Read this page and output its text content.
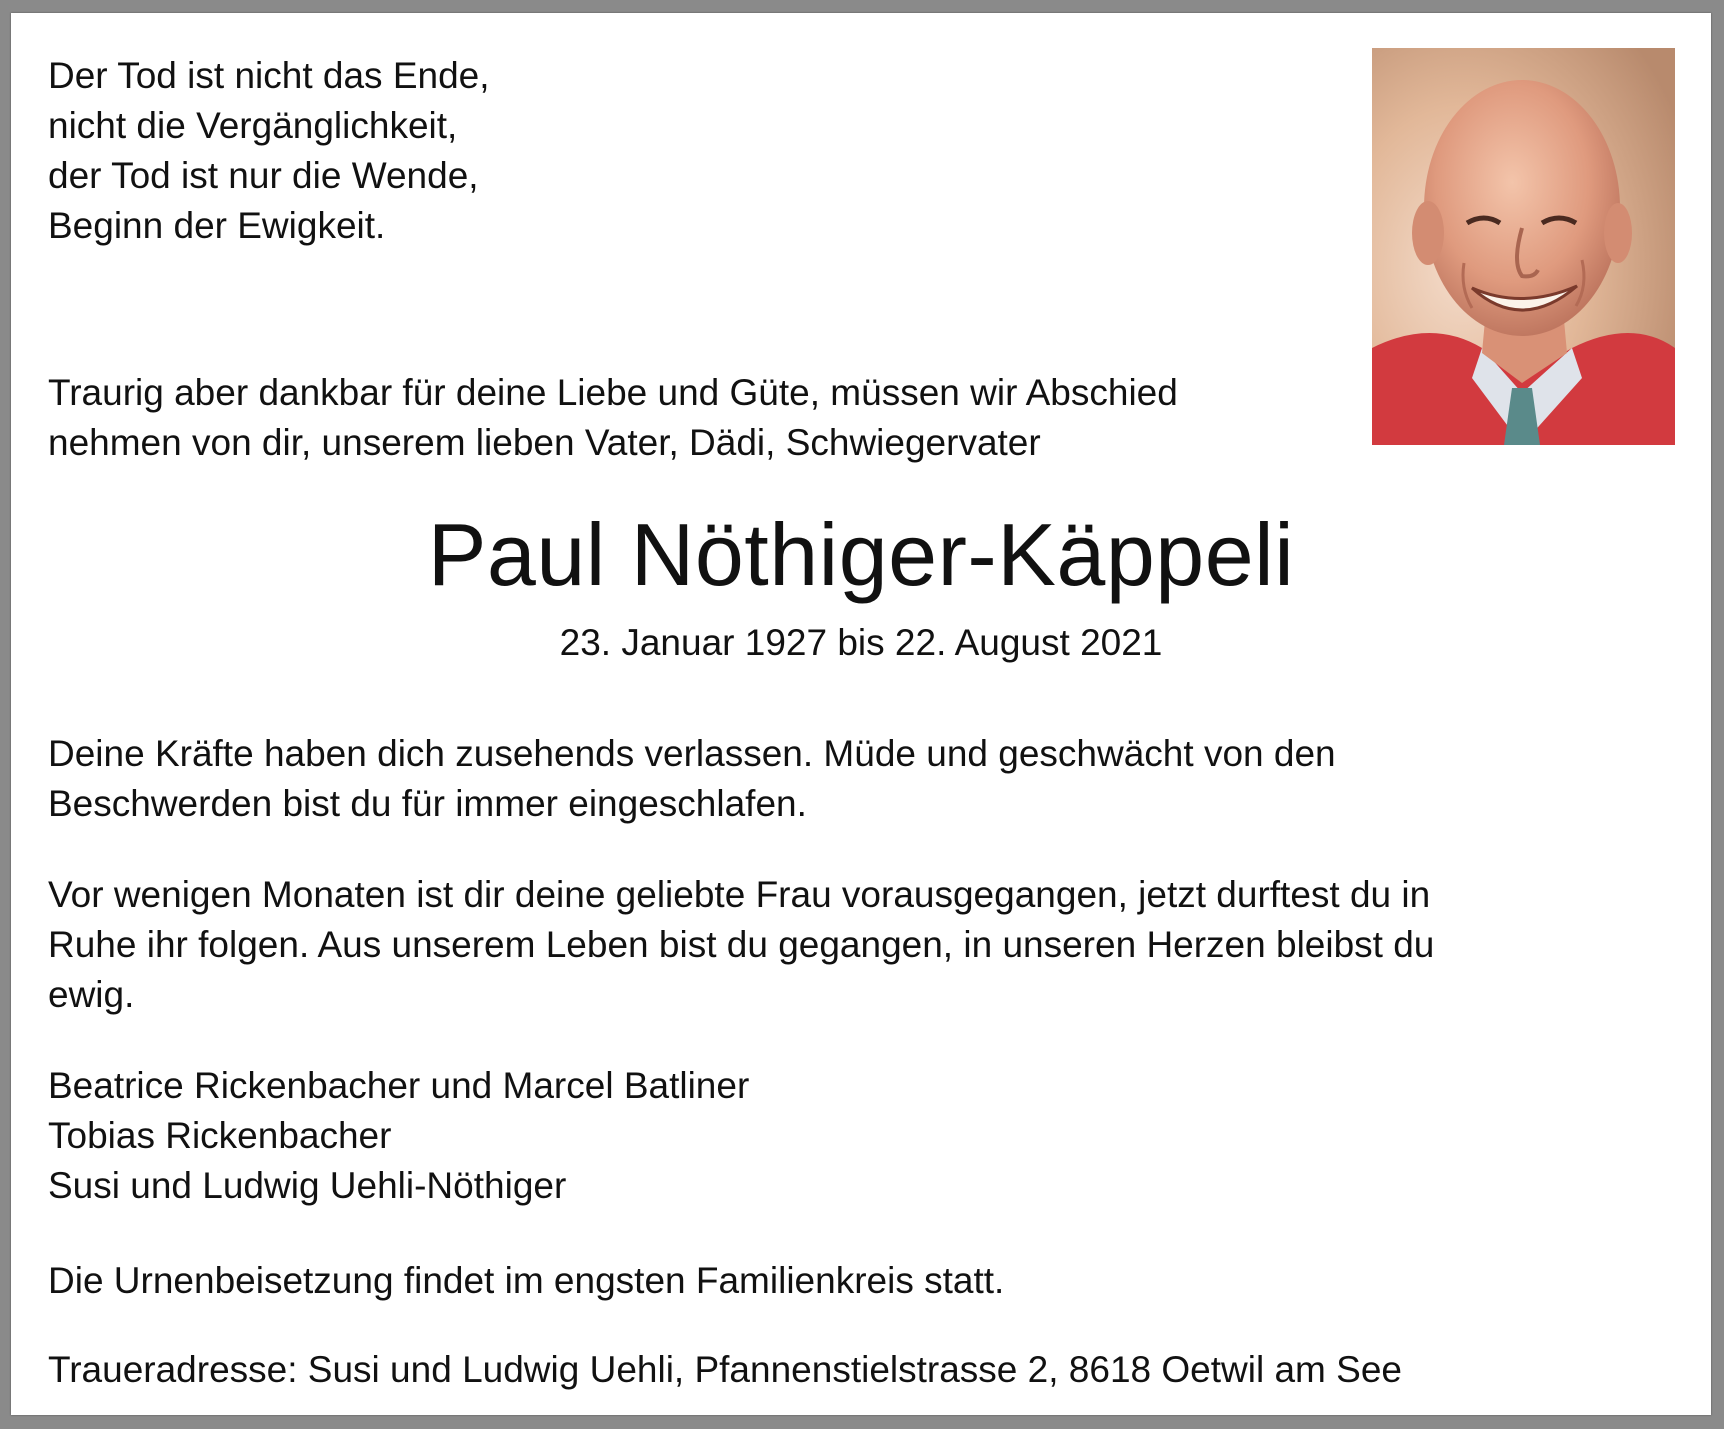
Der Tod ist nicht das Ende,
nicht die Vergänglichkeit,
der Tod ist nur die Wende,
Beginn der Ewigkeit.
Traurig aber dankbar für deine Liebe und Güte, müssen wir Abschied
nehmen von dir, unserem lieben Vater, Dädi, Schwiegervater
Paul Nöthiger-Käppeli
23. Januar 1927 bis 22. August 2021
Deine Kräfte haben dich zusehends verlassen. Müde und geschwächt von den
Beschwerden bist du für immer eingeschlafen.
Vor wenigen Monaten ist dir deine geliebte Frau vorausgegangen, jetzt durftest du in
Ruhe ihr folgen. Aus unserem Leben bist du gegangen, in unseren Herzen bleibst du
ewig.
Beatrice Rickenbacher und Marcel Batliner
Tobias Rickenbacher
Susi und Ludwig Uehli-Nöthiger
Die Urnenbeisetzung findet im engsten Familienkreis statt.
Traueradresse: Susi und Ludwig Uehli, Pfannenstielstrasse 2, 8618 Oetwil am See
